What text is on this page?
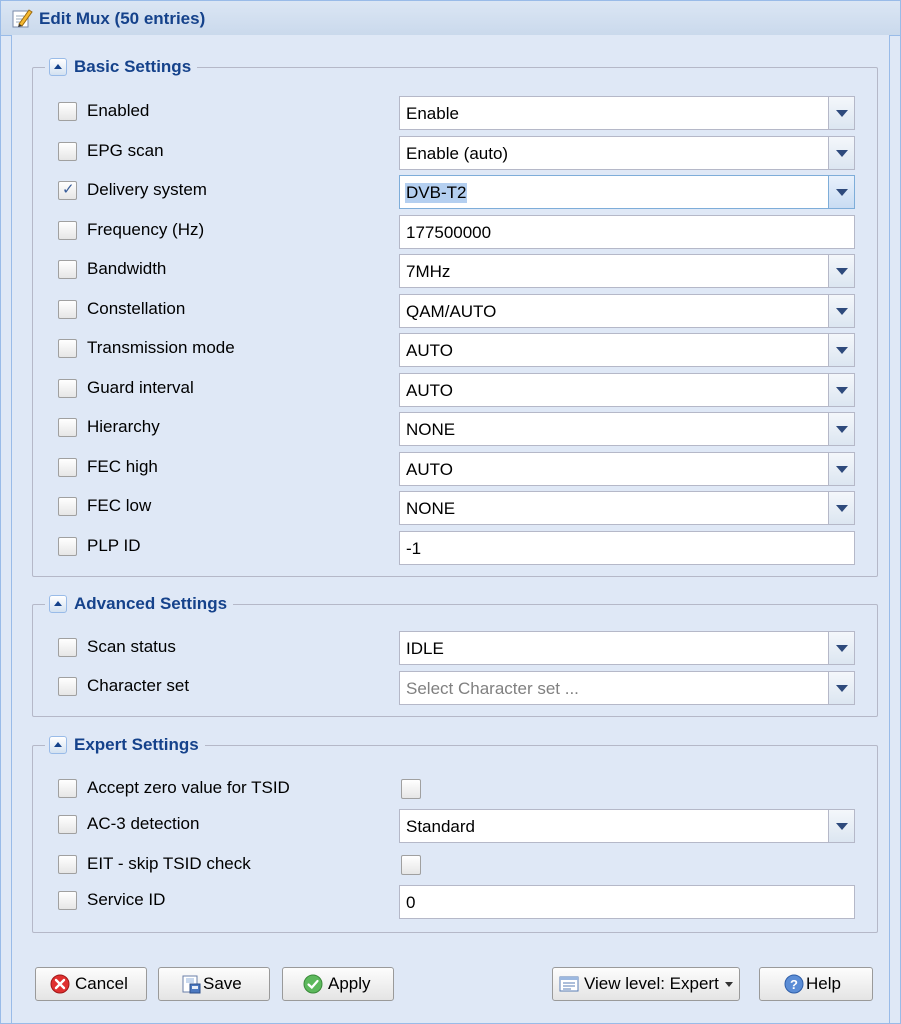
Edit Mux (50 entries)
Basic Settings
Enabled	Enable
EPG scan	Enable (auto)
✓
Delivery system	DVB-T2
Frequency (Hz)	177500000
Bandwidth	7MHz
Constellation	QAM/AUTO
Transmission mode	AUTO
Guard interval	AUTO
Hierarchy	NONE
FEC high	AUTO
FEC low	NONE
PLP ID	-1
Advanced Settings
Scan status	IDLE
Character set	Select Character set ...
Expert Settings
Accept zero value for TSID
AC-3 detection	Standard
EIT - skip TSID check
Service ID	0
Cancel	Save	Apply	View level: Expert	? Help
